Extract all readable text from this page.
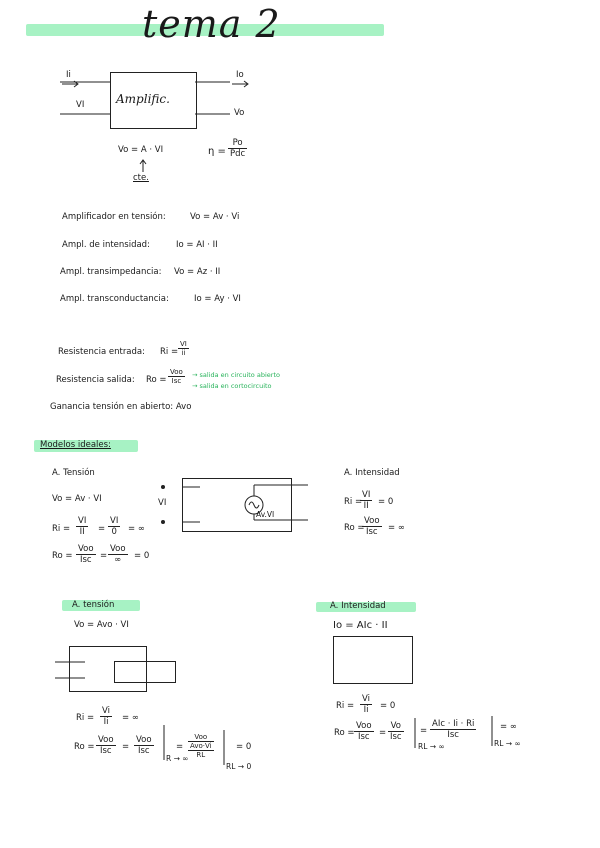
tema 2
Amplific.
Ii	Io
VI
Vo
Vo = A · VI
cte.
η =
Po
Pdc
Amplificador en tensión:	Vo = Av · Vi
Ampl. de intensidad:	Io = AI · II
Ampl. transimpedancia: Vo = Az · II
Ampl. transconductancia:	Io = Ay · VI
Resistencia entrada: $Ri = \frac{VI}{ii}$
Resistencia salida: Ro =
Voo
Isc
→ salida en circuito abierto
→ salida en cortocircuito
Ganancia tensión en abierto: Avo
Modelos ideales:
A. Tensión
Vo = Av · VI
$Ri = \frac{VI}{II} = \frac{VI}{0}$ = ∞
Ro =
Voo
Isc =
Voo
∞	= 0
VI
Av.VI
A. Intensidad
Ri =
$\frac{VI}{II} = 0$
Ro =
Voo
Isc	= ∞
A. tensión
Vo = Avo · VI
$Ri = \frac{Vi}{Ii}$ = ∞
Ro =
Voo
Isc	=
Voo
Isc	=
Voo
Avo·Vi
RL
R → ∞
= 0
RL → 0
A. Intensidad
Io = AIc · II
$Ri = \frac{Vi}{Ii} = 0$
Ro =
Voo
Isc	=
Vo
Isc
=
AIc · Ii · Ri
Isc
RL → ∞
= ∞
RL → ∞
